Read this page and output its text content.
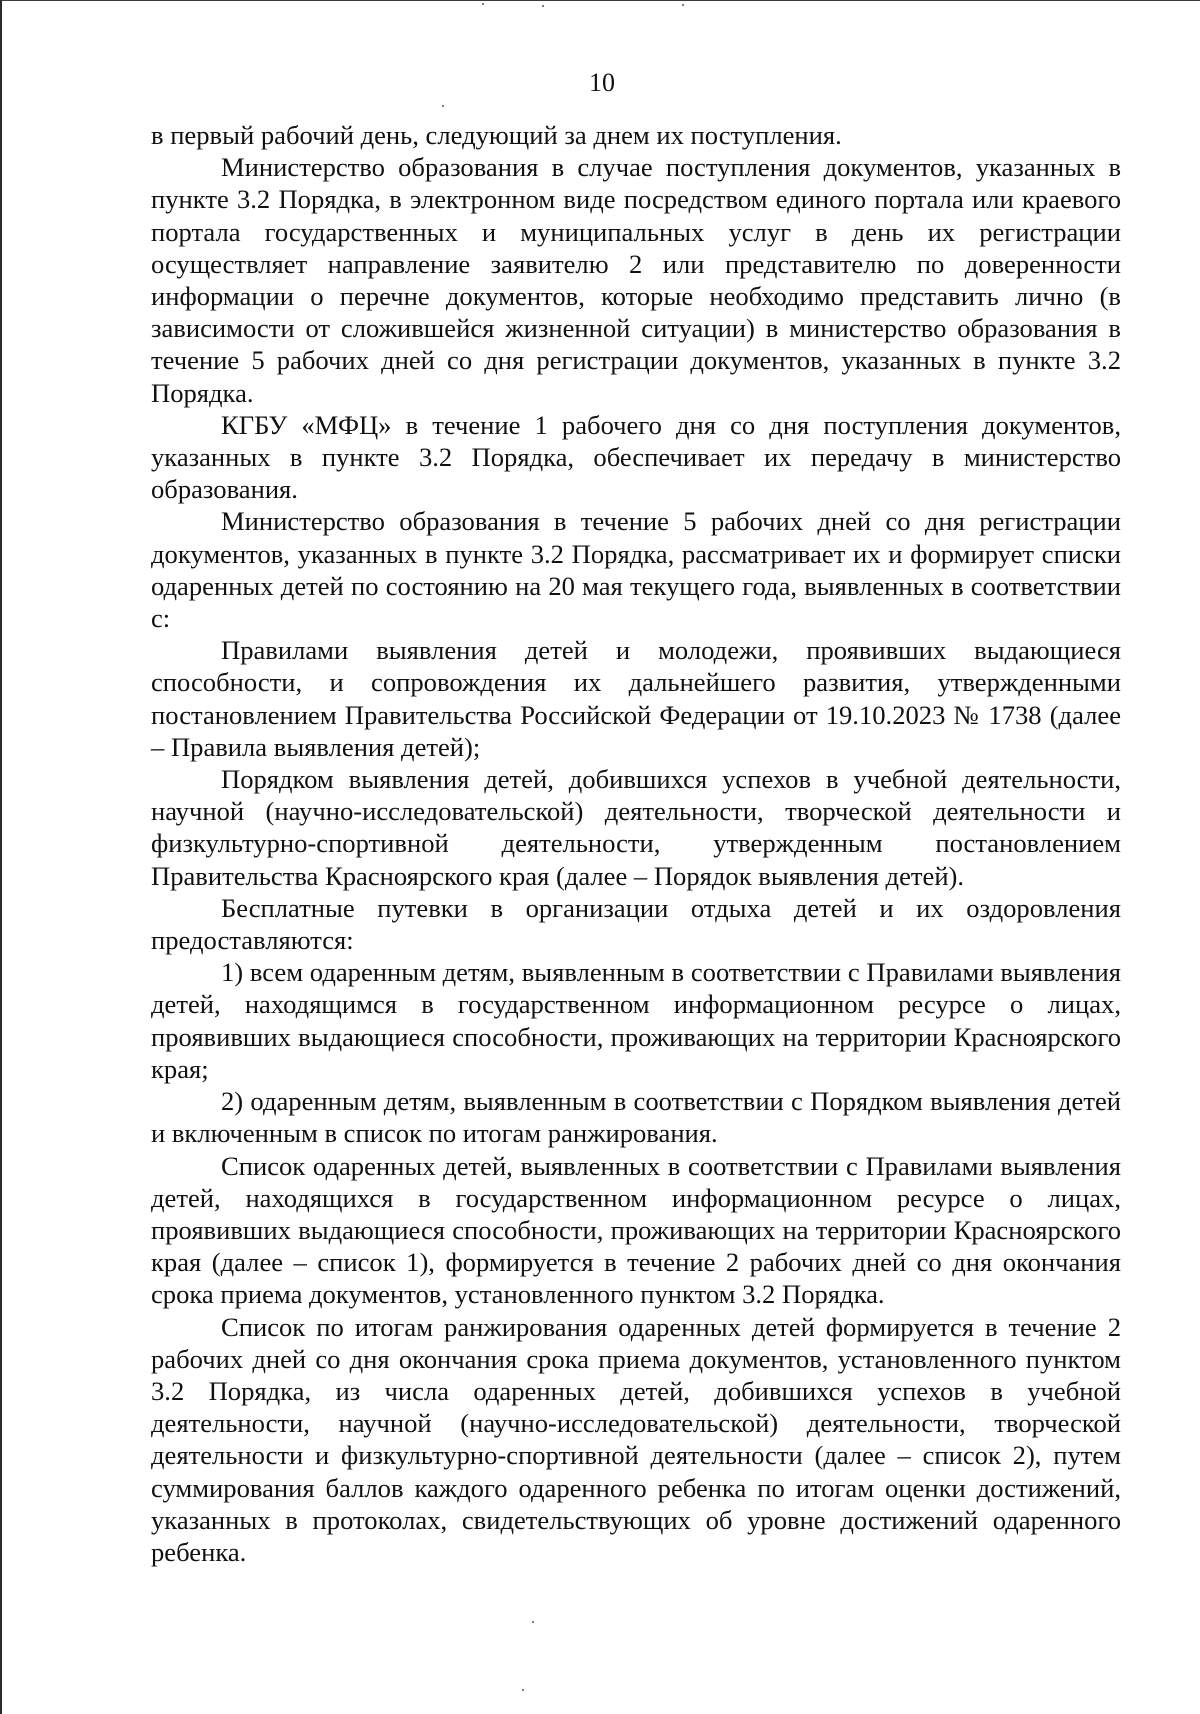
10

в первый рабочий день, следующий за днем их поступления.

Министерство образования в случае поступления документов, указанных в пункте 3.2 Порядка, в электронном виде посредством единого портала или краевого портала государственных и муниципальных услуг в день их регистрации осуществляет направление заявителю 2 или представителю по доверенности информации о перечне документов, которые необходимо представить лично (в зависимости от сложившейся жизненной ситуации) в министерство образования в течение 5 рабочих дней со дня регистрации документов, указанных в пункте 3.2 Порядка.

КГБУ «МФЦ» в течение 1 рабочего дня со дня поступления документов, указанных в пункте 3.2 Порядка, обеспечивает их передачу в министерство образования.

Министерство образования в течение 5 рабочих дней со дня регистрации документов, указанных в пункте 3.2 Порядка, рассматривает их и формирует списки одаренных детей по состоянию на 20 мая текущего года, выявленных в соответствии с:

Правилами выявления детей и молодежи, проявивших выдающиеся способности, и сопровождения их дальнейшего развития, утвержденными постановлением Правительства Российской Федерации от 19.10.2023 № 1738 (далее – Правила выявления детей);

Порядком выявления детей, добившихся успехов в учебной деятельности, научной (научно-исследовательской) деятельности, творческой деятельности и физкультурно-спортивной деятельности, утвержденным постановлением Правительства Красноярского края (далее – Порядок выявления детей).

Бесплатные путевки в организации отдыха детей и их оздоровления предоставляются:

1) всем одаренным детям, выявленным в соответствии с Правилами выявления детей, находящимся в государственном информационном ресурсе о лицах, проявивших выдающиеся способности, проживающих на территории Красноярского края;

2) одаренным детям, выявленным в соответствии с Порядком выявления детей и включенным в список по итогам ранжирования.

Список одаренных детей, выявленных в соответствии с Правилами выявления детей, находящихся в государственном информационном ресурсе о лицах, проявивших выдающиеся способности, проживающих на территории Красноярского края (далее – список 1), формируется в течение 2 рабочих дней со дня окончания срока приема документов, установленного пунктом 3.2 Порядка.

Список по итогам ранжирования одаренных детей формируется в течение 2 рабочих дней со дня окончания срока приема документов, установленного пунктом 3.2 Порядка, из числа одаренных детей, добившихся успехов в учебной деятельности, научной (научно-исследовательской) деятельности, творческой деятельности и физкультурно-спортивной деятельности (далее – список 2), путем суммирования баллов каждого одаренного ребенка по итогам оценки достижений, указанных в протоколах, свидетельствующих об уровне достижений одаренного ребенка.
